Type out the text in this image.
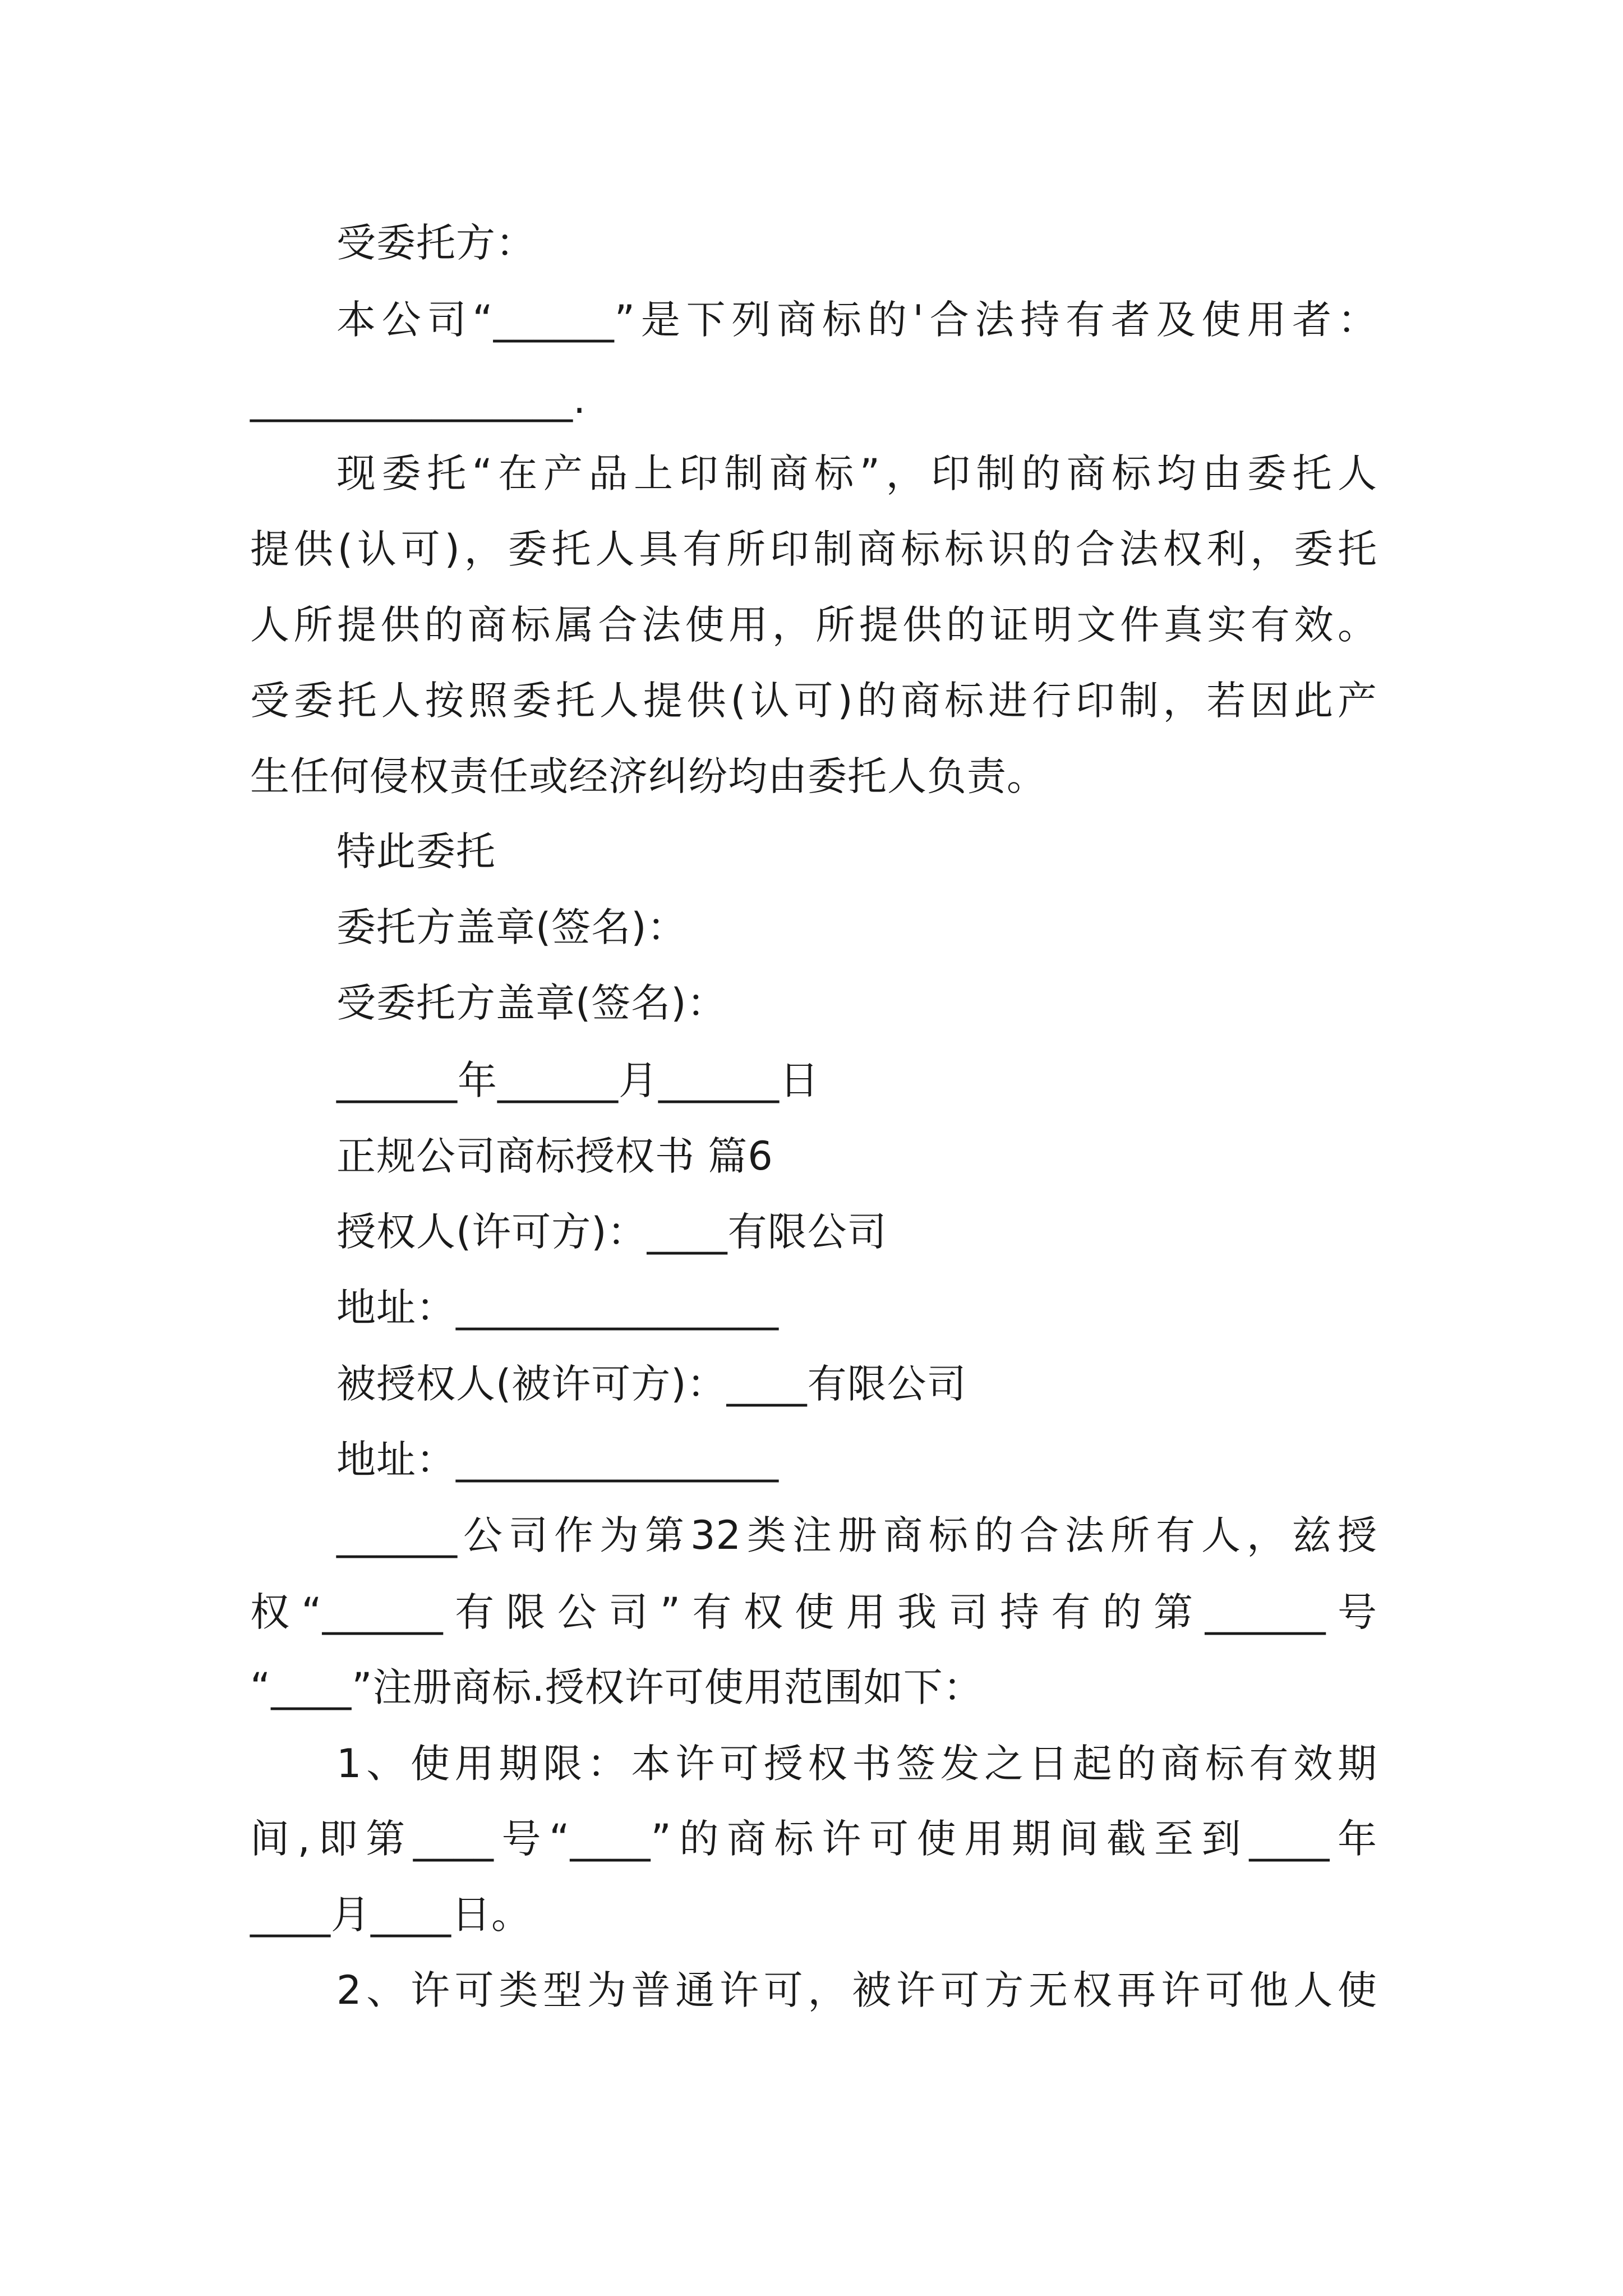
受委托方：

本公司“______”是下列商标的'合法持有者及使用者：

________________.

现委托“在产品上印制商标”，印制的商标均由委托人

提供(认可)，委托人具有所印制商标标识的合法权利，委托

人所提供的商标属合法使用，所提供的证明文件真实有效。

受委托人按照委托人提供(认可)的商标进行印制，若因此产

生任何侵权责任或经济纠纷均由委托人负责。

特此委托

委托方盖章(签名)：

受委托方盖章(签名)：

______年______月______日

正规公司商标授权书 篇6

授权人(许可方)：____有限公司

地址：________________

被授权人(被许可方)：____有限公司

地址：________________

______公司作为第32类注册商标的合法所有人，兹授

权“______有限公司”有权使用我司持有的第______号

“____”注册商标.授权许可使用范围如下：

1、使用期限：本许可授权书签发之日起的商标有效期

间,即第____号“____”的商标许可使用期间截至到____年

____月____日。

2、许可类型为普通许可，被许可方无权再许可他人使
